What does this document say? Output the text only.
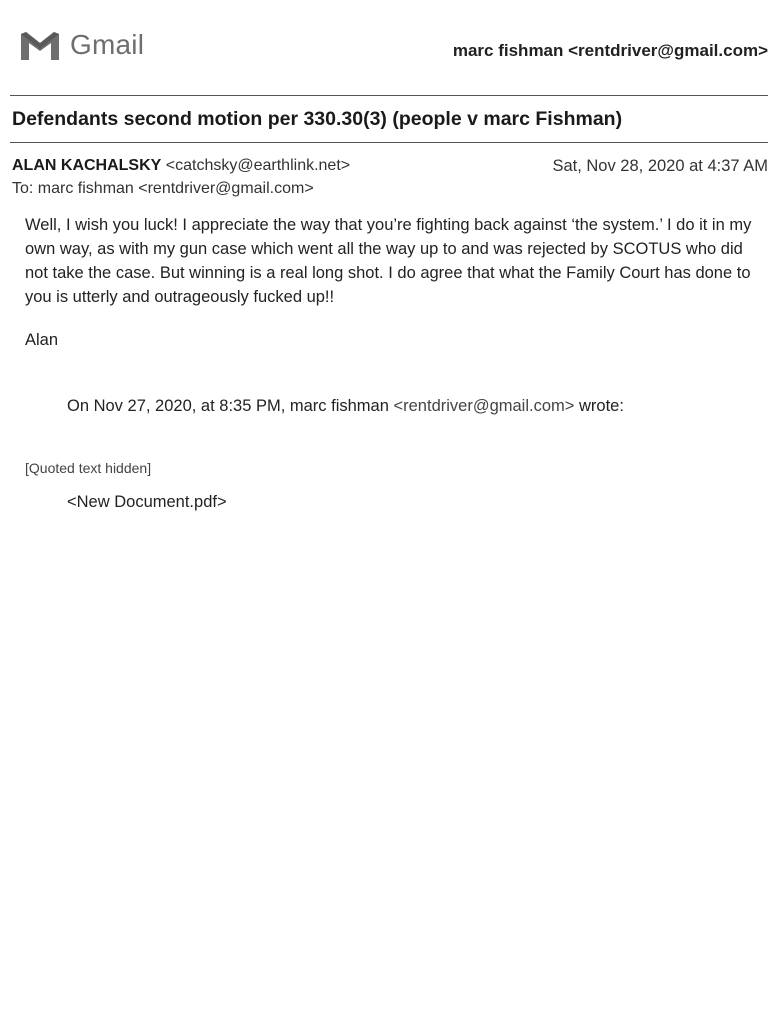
Gmail	marc fishman <rentdriver@gmail.com>
Defendants second motion per 330.30(3) (people v marc Fishman)
ALAN KACHALSKY <catchsky@earthlink.net>	Sat, Nov 28, 2020 at 4:37 AM
To: marc fishman <rentdriver@gmail.com>

Well, I wish you luck! I appreciate the way that you’re fighting back against ‘the system.’ I do it in my own way, as with my gun case which went all the way up to and was rejected by SCOTUS who did not take the case. But winning is a real long shot. I do agree that what the Family Court has done to you is utterly and outrageously fucked up!!

Alan
On Nov 27, 2020, at 8:35 PM, marc fishman <rentdriver@gmail.com> wrote:
[Quoted text hidden]
<New Document.pdf>
